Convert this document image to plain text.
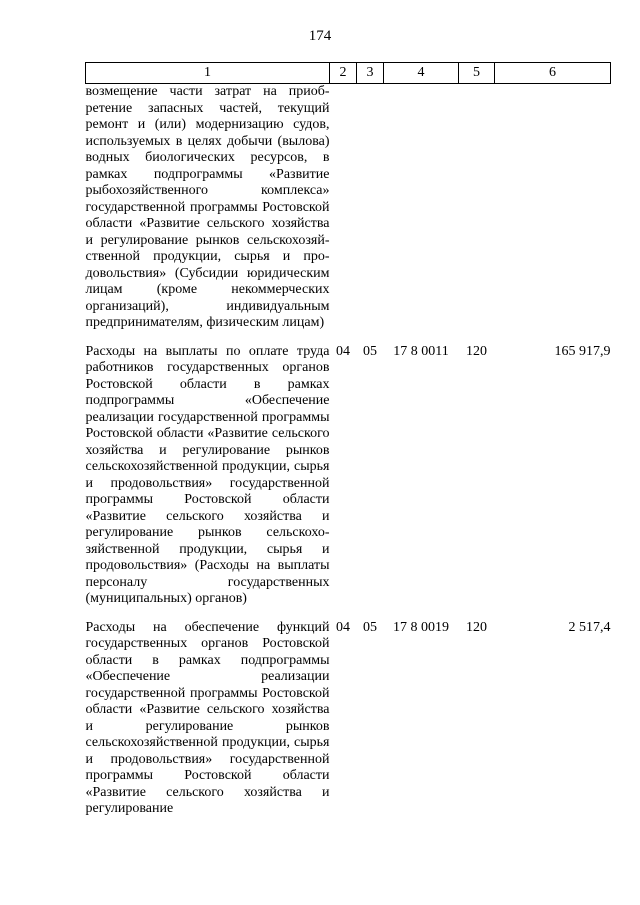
174
1	2	3	4	5	6
возмещение части затрат на приобретение запасных частей, текущий ремонт и (или) модернизацию судов, используемых в целях добычи (вылова) водных биологических ресурсов, в рамках подпрограммы «Развитие рыбохозяйственного комплекса» государственной программы Ростовской области «Развитие сельского хозяйства и регулирование рынков сельскохозяйственной продукции, сырья и продовольствия» (Субсидии юридическим лицам (кроме некоммерческих организаций), индивидуальным предпринимателям, физическим лицам)					
Расходы на выплаты по оплате труда работников государственных органов Ростовской области в рамках подпрограммы «Обеспечение реализации государственной программы Ростовской области «Развитие сельского хозяйства и регулирование рынков сельскохозяйственной продукции, сырья и продовольствия» государственной программы Ростовской области «Развитие сельского хозяйства и регулирование рынков сельскохозяйственной продукции, сырья и продовольствия» (Расходы на выплаты персоналу государственных (муниципальных) органов)	04	05	17 8 0011	120	165 917,9
Расходы на обеспечение функций государственных органов Ростовской области в рамках подпрограммы «Обеспечение реализации государственной программы Ростовской области «Развитие сельского хозяйства и регулирование рынков сельскохозяйственной продукции, сырья и продовольствия» государственной программы Ростовской области «Развитие сельского хозяйства и регулирование	04	05	17 8 0019	120	2 517,4
